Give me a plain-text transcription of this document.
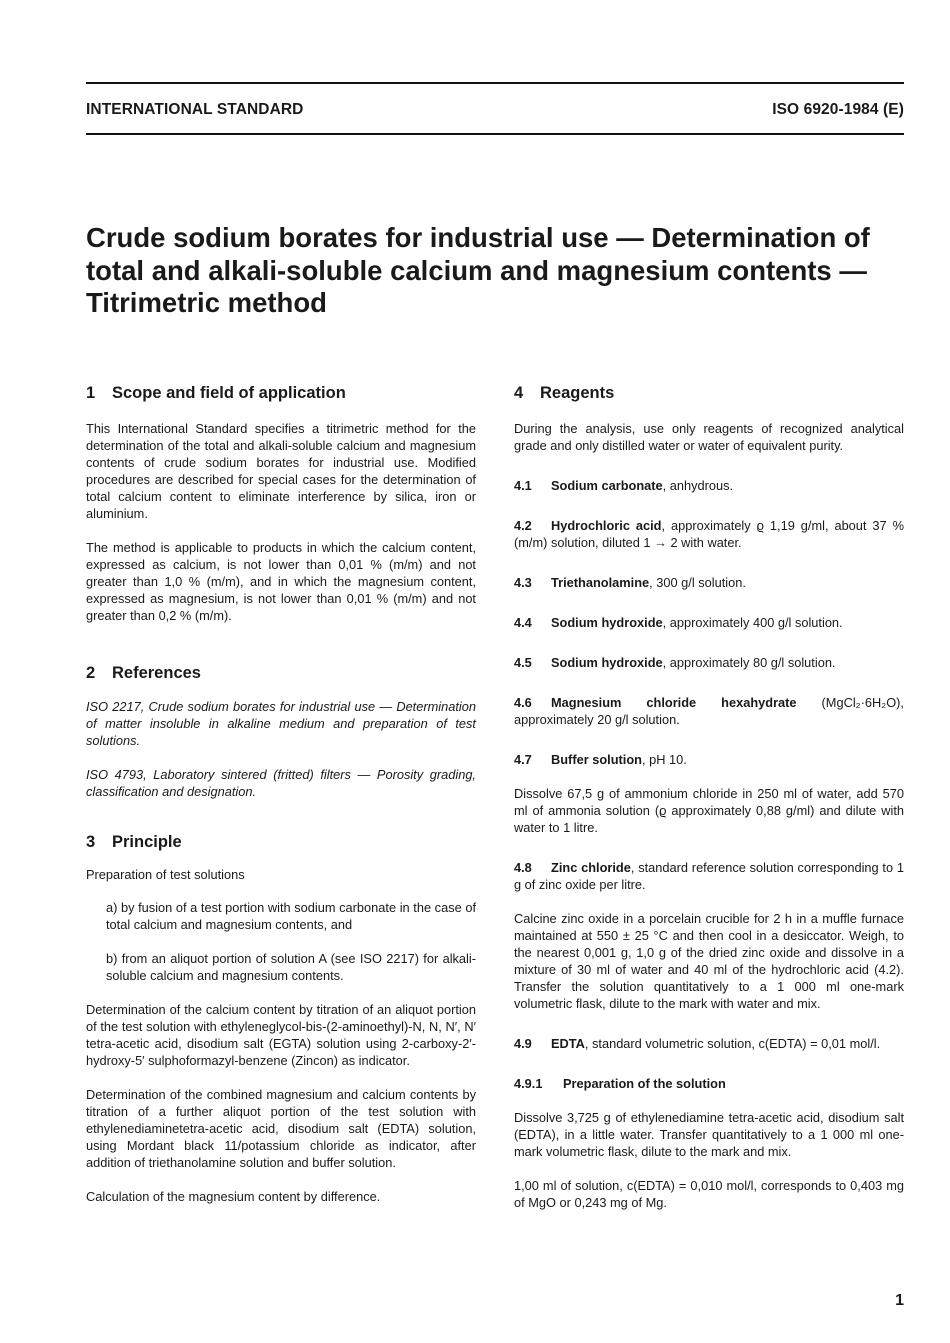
INTERNATIONAL STANDARD	ISO 6920-1984 (E)
Crude sodium borates for industrial use — Determination of total and alkali-soluble calcium and magnesium contents — Titrimetric method
1 Scope and field of application

This International Standard specifies a titrimetric method for the determination of the total and alkali-soluble calcium and magnesium contents of crude sodium borates for industrial use. Modified procedures are described for special cases for the determination of total calcium content to eliminate interference by silica, iron or aluminium.

The method is applicable to products in which the calcium content, expressed as calcium, is not lower than 0,01 % (m/m) and not greater than 1,0 % (m/m), and in which the magnesium content, expressed as magnesium, is not lower than 0,01 % (m/m) and not greater than 0,2 % (m/m).

2 References

ISO 2217, Crude sodium borates for industrial use — Determination of matter insoluble in alkaline medium and preparation of test solutions.

ISO 4793, Laboratory sintered (fritted) filters — Porosity grading, classification and designation.

3 Principle

Preparation of test solutions

a) by fusion of a test portion with sodium carbonate in the case of total calcium and magnesium contents, and

b) from an aliquot portion of solution A (see ISO 2217) for alkali-soluble calcium and magnesium contents.

Determination of the calcium content by titration of an aliquot portion of the test solution with ethyleneglycol-bis-(2-aminoethyl)-N, N, N′, N′ tetra-acetic acid, disodium salt (EGTA) solution using 2-carboxy-2′-hydroxy-5′ sulphoformazyl-benzene (Zincon) as indicator.

Determination of the combined magnesium and calcium contents by titration of a further aliquot portion of the test solution with ethylenediaminetetra-acetic acid, disodium salt (EDTA) solution, using Mordant black 11/potassium chloride as indicator, after addition of triethanolamine solution and buffer solution.

Calculation of the magnesium content by difference.

4 Reagents

During the analysis, use only reagents of recognized analytical grade and only distilled water or water of equivalent purity.

4.1 Sodium carbonate, anhydrous.

4.2 Hydrochloric acid, approximately ϱ 1,19 g/ml, about 37 % (m/m) solution, diluted 1 → 2 with water.

4.3 Triethanolamine, 300 g/l solution.

4.4 Sodium hydroxide, approximately 400 g/l solution.

4.5 Sodium hydroxide, approximately 80 g/l solution.

4.6 Magnesium chloride hexahydrate (MgCl₂·6H₂O), approximately 20 g/l solution.

4.7 Buffer solution, pH 10.

Dissolve 67,5 g of ammonium chloride in 250 ml of water, add 570 ml of ammonia solution (ϱ approximately 0,88 g/ml) and dilute with water to 1 litre.

4.8 Zinc chloride, standard reference solution corresponding to 1 g of zinc oxide per litre.

Calcine zinc oxide in a porcelain crucible for 2 h in a muffle furnace maintained at 550 ± 25 °C and then cool in a desiccator. Weigh, to the nearest 0,001 g, 1,0 g of the dried zinc oxide and dissolve in a mixture of 30 ml of water and 40 ml of the hydrochloric acid (4.2). Transfer the solution quantitatively to a 1 000 ml one-mark volumetric flask, dilute to the mark with water and mix.

4.9 EDTA, standard volumetric solution, c(EDTA) = 0,01 mol/l.

4.9.1 Preparation of the solution

Dissolve 3,725 g of ethylenediamine tetra-acetic acid, disodium salt (EDTA), in a little water. Transfer quantitatively to a 1 000 ml one-mark volumetric flask, dilute to the mark and mix.

1,00 ml of solution, c(EDTA) = 0,010 mol/l, corresponds to 0,403 mg of MgO or 0,243 mg of Mg.

1
